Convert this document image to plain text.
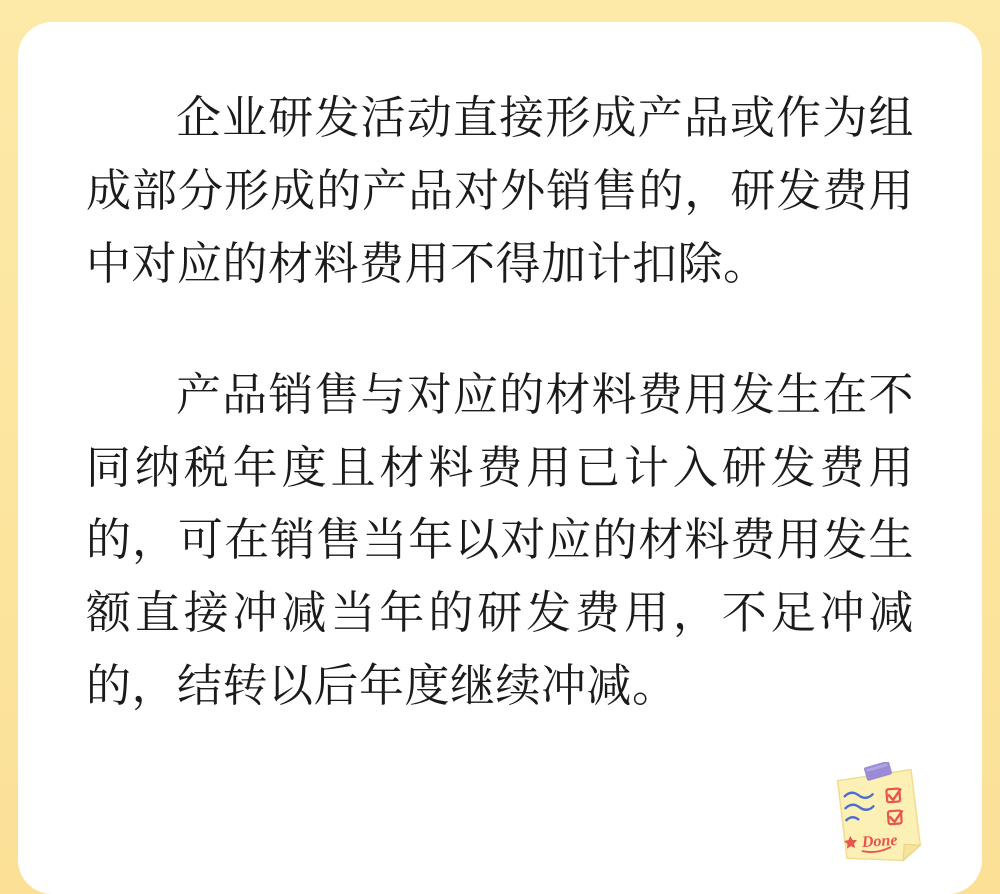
企业研发活动直接形成产品或作为组成部分形成的产品对外销售的，研发费用中对应的材料费用不得加计扣除。

产品销售与对应的材料费用发生在不同纳税年度且材料费用已计入研发费用的，可在销售当年以对应的材料费用发生额直接冲减当年的研发费用，不足冲减的，结转以后年度继续冲减。

Done
